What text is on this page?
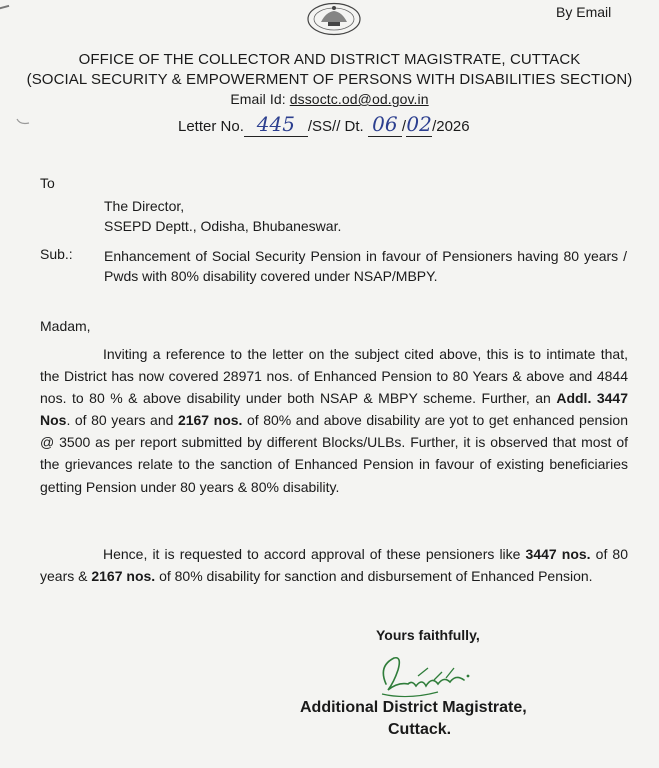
By Email
OFFICE OF THE COLLECTOR AND DISTRICT MAGISTRATE, CUTTACK
(SOCIAL SECURITY & EMPOWERMENT OF PERSONS WITH DISABILITIES SECTION)
Email Id: dssoctc.od@od.gov.in
Letter No. 445 /SS// Dt. 06 /02/2026
To
The Director,
SSEPD Deptt., Odisha, Bhubaneswar.
Sub.: Enhancement of Social Security Pension in favour of Pensioners having 80 years / Pwds with 80% disability covered under NSAP/MBPY.
Madam,
Inviting a reference to the letter on the subject cited above, this is to intimate that, the District has now covered 28971 nos. of Enhanced Pension to 80 Years & above and 4844 nos. to 80 % & above disability under both NSAP & MBPY scheme. Further, an Addl. 3447 Nos. of 80 years and 2167 nos. of 80% and above disability are yot to get enhanced pension @ 3500 as per report submitted by different Blocks/ULBs. Further, it is observed that most of the grievances relate to the sanction of Enhanced Pension in favour of existing beneficiaries getting Pension under 80 years & 80% disability.
Hence, it is requested to accord approval of these pensioners like 3447 nos. of 80 years & 2167 nos. of 80% disability for sanction and disbursement of Enhanced Pension.
Yours faithfully,
Additional District Magistrate,
Cuttack.
